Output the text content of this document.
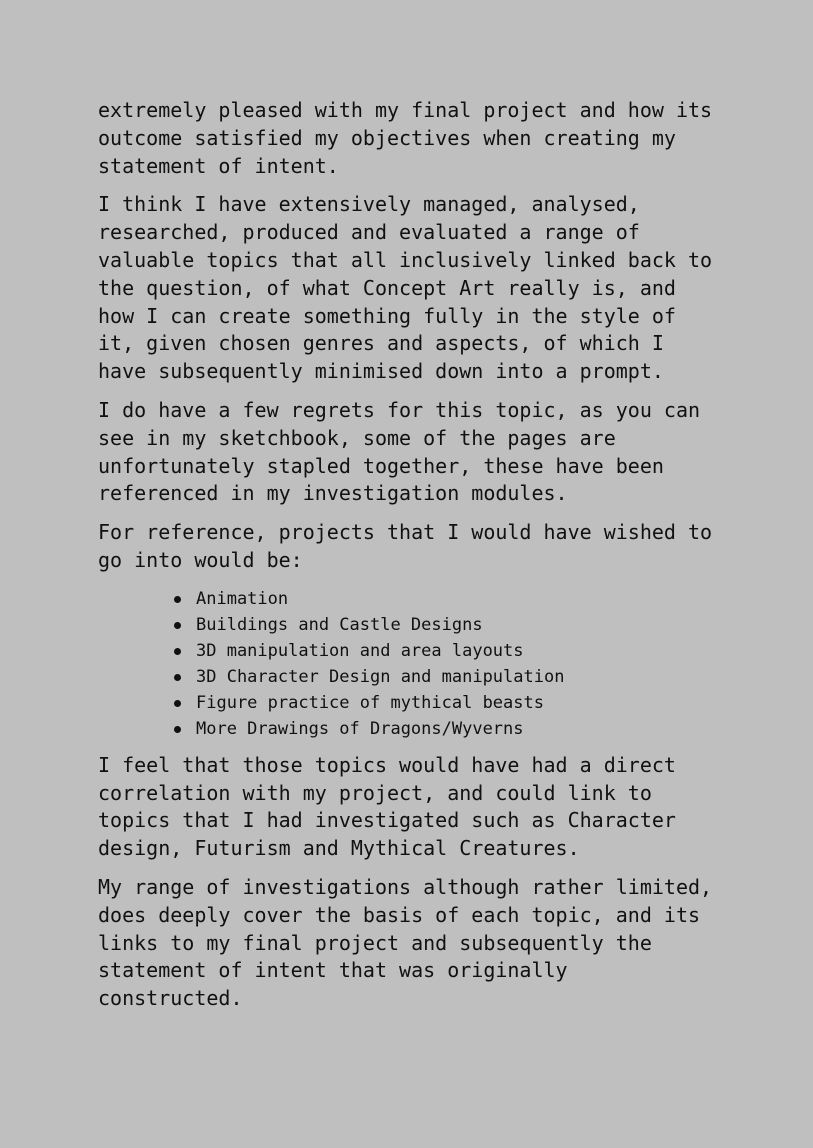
extremely pleased with my final project and how its
outcome satisfied my objectives when creating my
statement of intent.

I think I have extensively managed, analysed,
researched, produced and evaluated a range of
valuable topics that all inclusively linked back to
the question, of what Concept Art really is, and
how I can create something fully in the style of
it, given chosen genres and aspects, of which I
have subsequently minimised down into a prompt.

I do have a few regrets for this topic, as you can
see in my sketchbook, some of the pages are
unfortunately stapled together, these have been
referenced in my investigation modules.

For reference, projects that I would have wished to
go into would be:

Animation
Buildings and Castle Designs
3D manipulation and area layouts
3D Character Design and manipulation
Figure practice of mythical beasts
More Drawings of Dragons/Wyverns

I feel that those topics would have had a direct
correlation with my project, and could link to
topics that I had investigated such as Character
design, Futurism and Mythical Creatures.

My range of investigations although rather limited,
does deeply cover the basis of each topic, and its
links to my final project and subsequently the
statement of intent that was originally
constructed.
